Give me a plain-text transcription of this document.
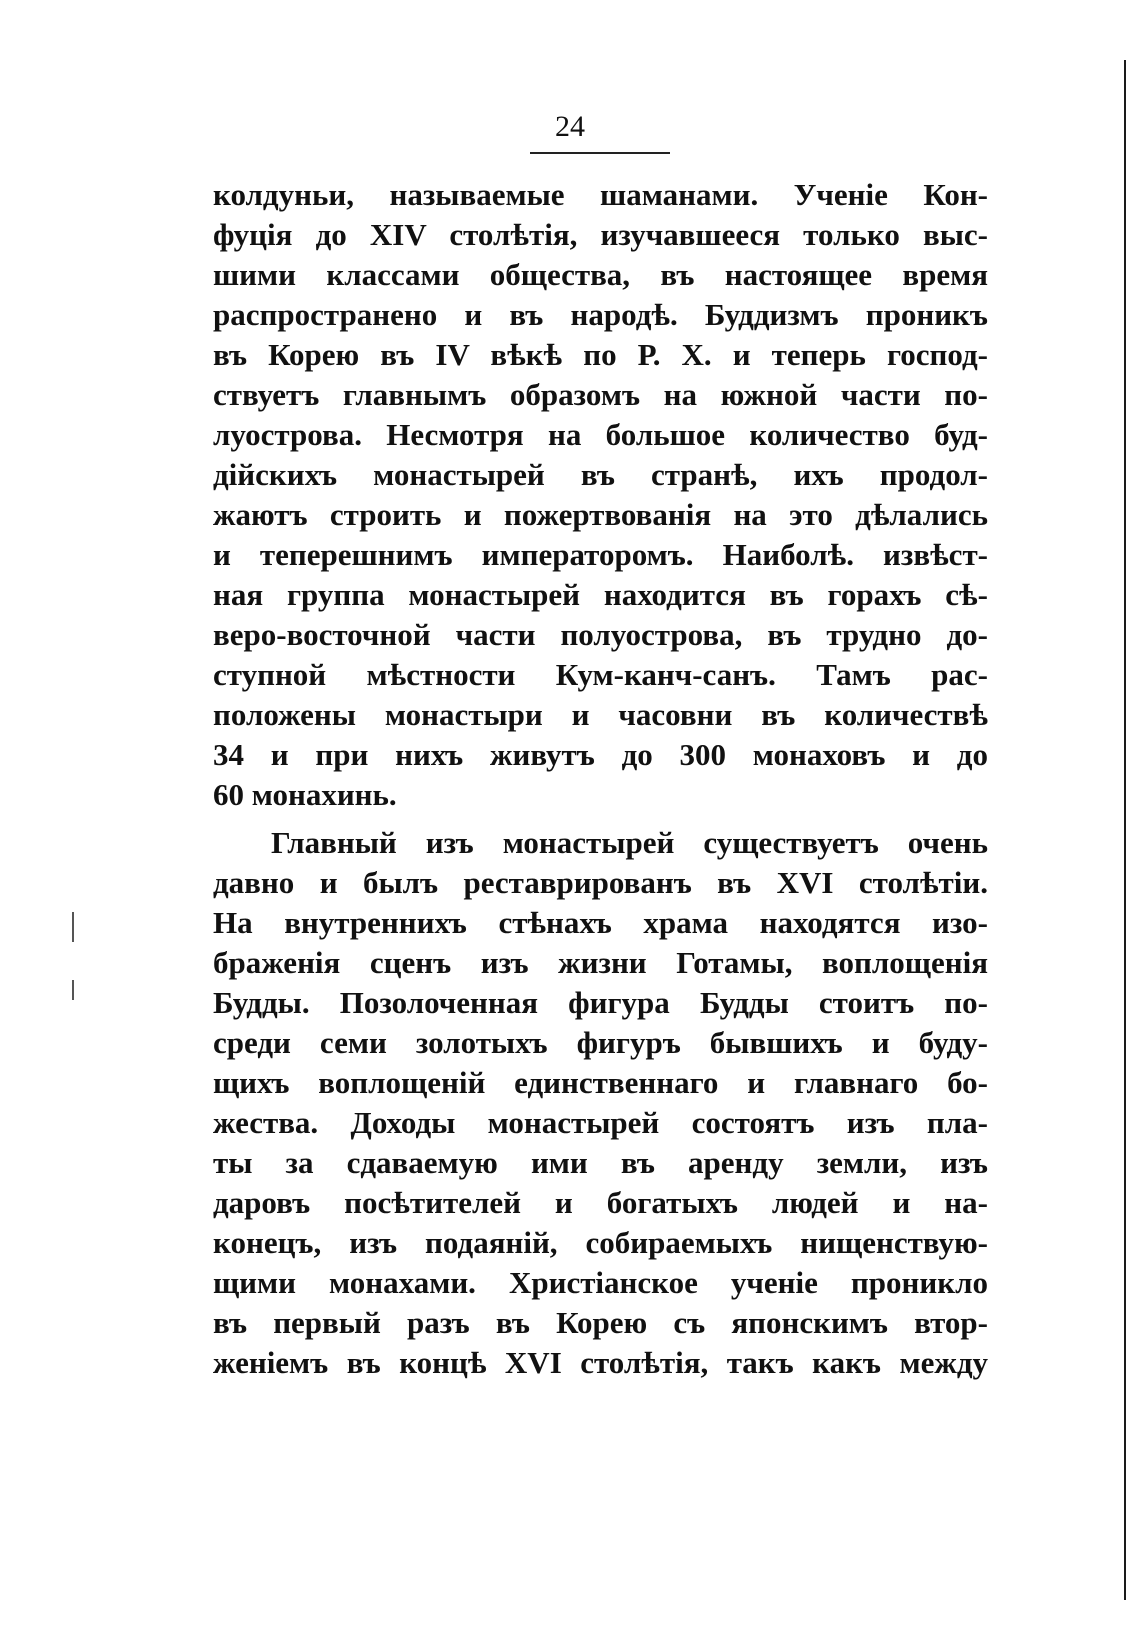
24
колдуньи, называемые шаманами. Ученіе Кон-
фуція до XIV столѣтія, изучавшееся только выс-
шими классами общества, въ настоящее время
распространено и въ народѣ. Буддизмъ проникъ
въ Корею въ IV вѣкѣ по Р. Х. и теперь господ-
ствуетъ главнымъ образомъ на южной части по-
луострова. Несмотря на большое количество буд-
дійскихъ монастырей въ странѣ, ихъ продол-
жаютъ строить и пожертвованія на это дѣлались
и теперешнимъ императоромъ. Наиболѣ. извѣст-
ная группа монастырей находится въ горахъ сѣ-
веро-восточной части полуострова, въ трудно до-
ступной мѣстности Кум-канч-санъ. Тамъ рас-
положены монастыри и часовни въ количествѣ
34 и при нихъ живутъ до 300 монаховъ и до
60 монахинь.
Главный изъ монастырей существуетъ очень
давно и былъ реставрированъ въ XVI столѣтіи.
На внутреннихъ стѣнахъ храма находятся изо-
браженія сценъ изъ жизни Готамы, воплощенія
Будды. Позолоченная фигура Будды стоитъ по-
среди семи золотыхъ фигуръ бывшихъ и буду-
щихъ воплощеній единственнаго и главнаго бо-
жества. Доходы монастырей состоятъ изъ пла-
ты за сдаваемую ими въ аренду земли, изъ
даровъ посѣтителей и богатыхъ людей и на-
конецъ, изъ подаяній, собираемыхъ нищенствую-
щими монахами. Христіанское ученіе проникло
въ первый разъ въ Корею съ японскимъ втор-
женіемъ въ концѣ XVI столѣтія, такъ какъ между
